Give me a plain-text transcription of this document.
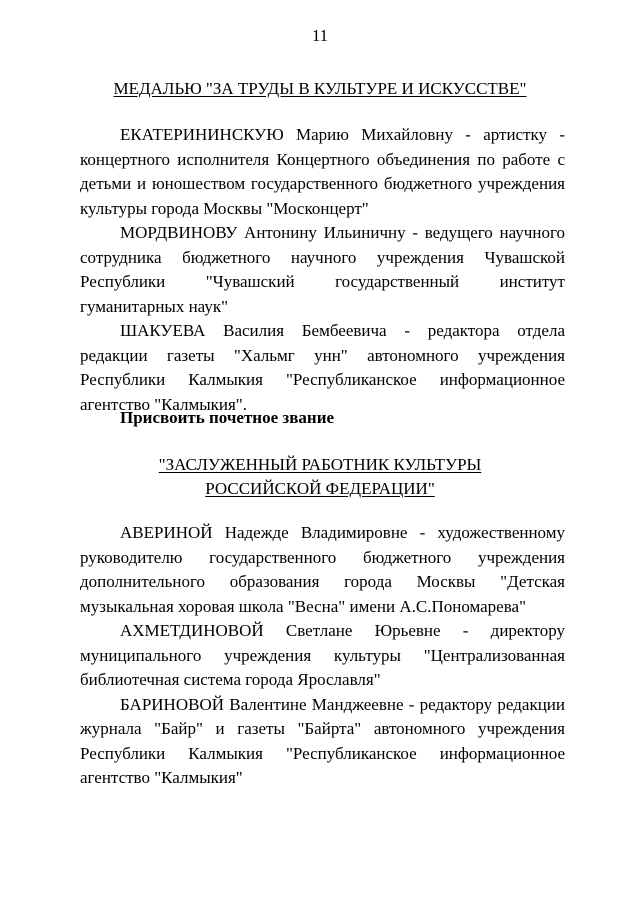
11
МЕДАЛЬЮ "ЗА ТРУДЫ В КУЛЬТУРЕ И ИСКУССТВЕ"

ЕКАТЕРИНИНСКУЮ Марию Михайловну - артистку - концертного исполнителя Концертного объединения по работе с детьми и юношеством государственного бюджетного учреждения культуры города Москвы "Москонцерт"

МОРДВИНОВУ Антонину Ильиничну - ведущего научного сотрудника бюджетного научного учреждения Чувашской Республики "Чувашский государственный институт гуманитарных наук"

ШАКУЕВА Василия Бембеевича - редактора отдела редакции газеты "Хальмг унн" автономного учреждения Республики Калмыкия "Республиканское информационное агентство "Калмыкия".

Присвоить почетное звание
"ЗАСЛУЖЕННЫЙ РАБОТНИК КУЛЬТУРЫ
РОССИЙСКОЙ ФЕДЕРАЦИИ"

АВЕРИНОЙ Надежде Владимировне - художественному руководителю государственного бюджетного учреждения дополнительного образования города Москвы "Детская музыкальная хоровая школа "Весна" имени А.С.Пономарева"

АХМЕТДИНОВОЙ Светлане Юрьевне - директору муниципального учреждения культуры "Централизованная библиотечная система города Ярославля"

БАРИНОВОЙ Валентине Манджеевне - редактору редакции журнала "Байр" и газеты "Байрта" автономного учреждения Республики Калмыкия "Республиканское информационное агентство "Калмыкия"
